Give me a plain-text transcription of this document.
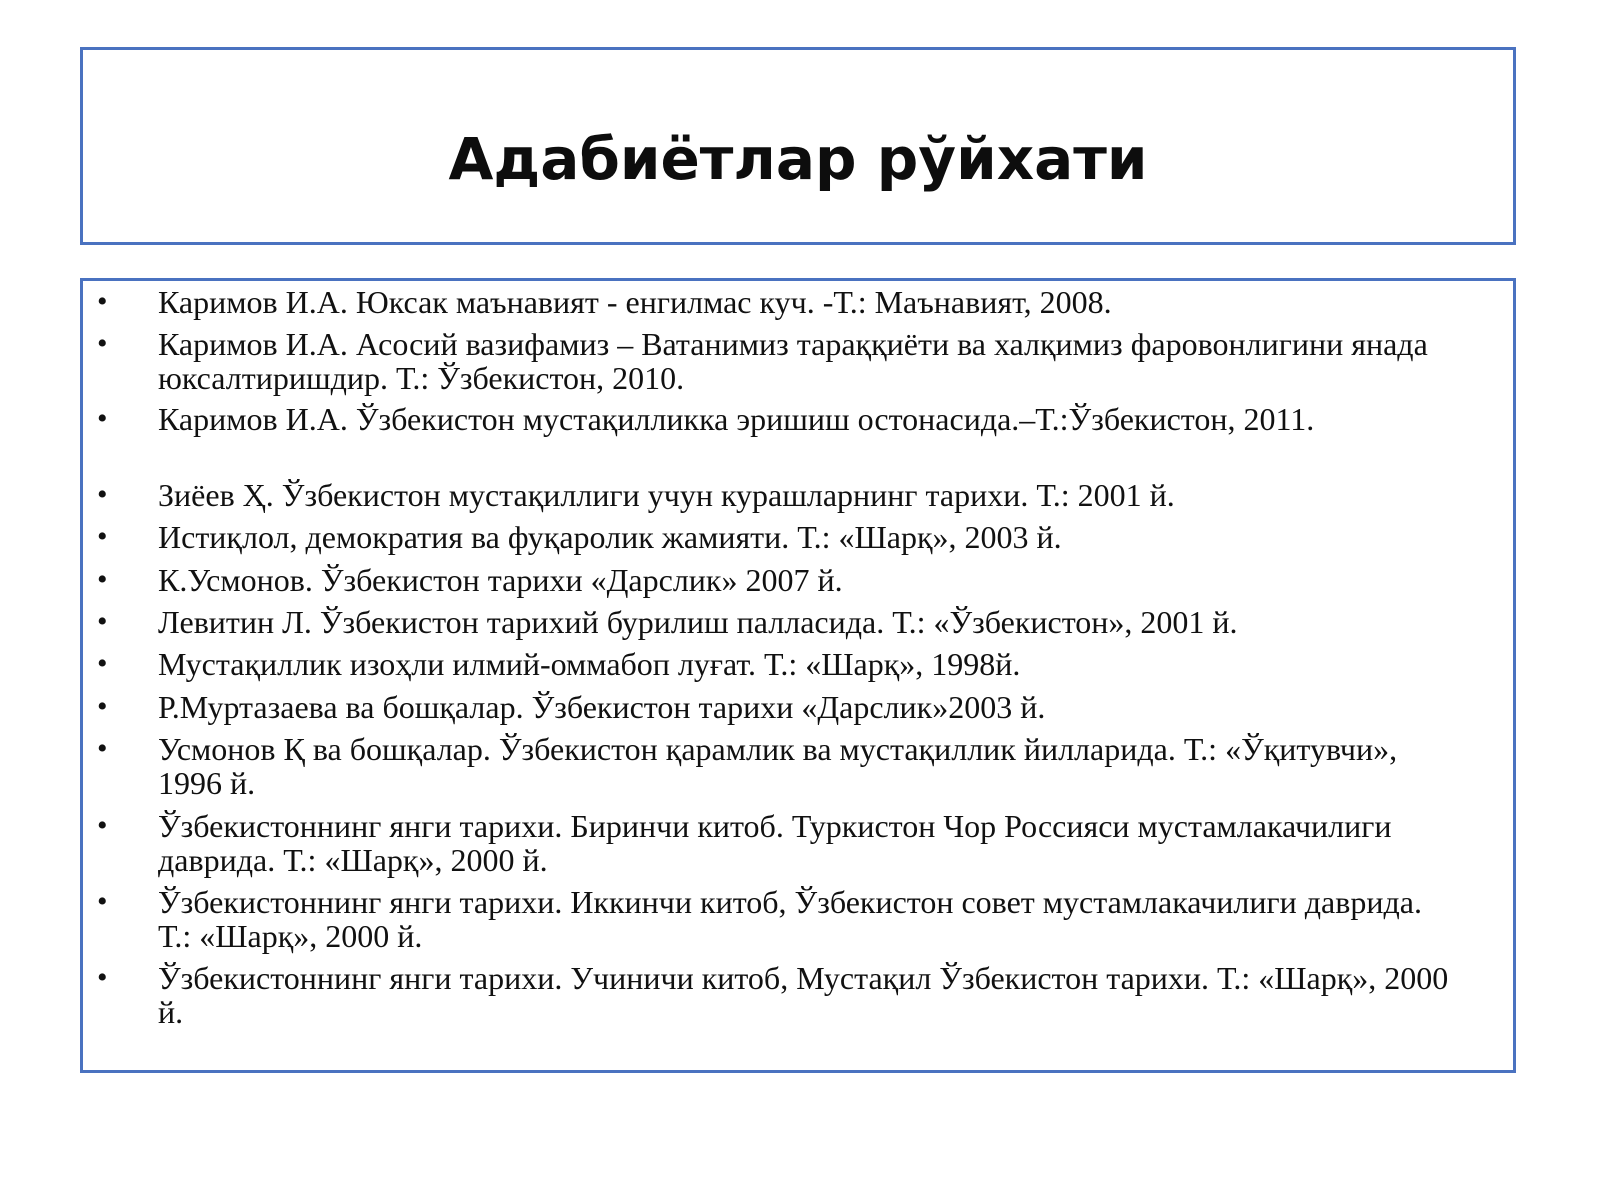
Адабиётлар рўйхати
• Каримов И.А. Юксак маънавият - енгилмас куч. -Т.: Маънавият, 2008.
• Каримов И.А. Асосий вазифамиз – Ватанимиз тараққиёти ва халқимиз фаровонлигини янада юксалтиришдир. Т.: Ўзбекистон, 2010.
• Каримов И.А. Ўзбекистон мустақилликка эришиш остонасида.–Т.:Ўзбекистон, 2011.
• Зиёев Ҳ. Ўзбекистон мустақиллиги учун курашларнинг тарихи. Т.: 2001 й.
• Истиқлол, демократия ва фуқаролик жамияти. Т.: «Шарқ», 2003 й.
• К.Усмонов. Ўзбекистон тарихи «Дарслик» 2007 й.
• Левитин Л. Ўзбекистон тарихий бурилиш палласида. Т.: «Ўзбекистон», 2001 й.
• Мустақиллик изоҳли илмий-оммабоп луғат. Т.: «Шарқ», 1998й.
• Р.Муртазаева ва бошқалар. Ўзбекистон тарихи «Дарслик»2003 й.
• Усмонов Қ ва бошқалар. Ўзбекистон қарамлик ва мустақиллик йилларида. Т.: «Ўқитувчи», 1996 й.
• Ўзбекистоннинг янги тарихи. Биринчи китоб. Туркистон Чор Россияси мустамлакачилиги даврида. Т.: «Шарқ», 2000 й.
• Ўзбекистоннинг янги тарихи. Иккинчи китоб, Ўзбекистон совет мустамлакачилиги даврида. Т.: «Шарқ», 2000 й.
• Ўзбекистоннинг янги тарихи. Учиничи китоб, Мустақил Ўзбекистон тарихи. Т.: «Шарқ», 2000 й.
